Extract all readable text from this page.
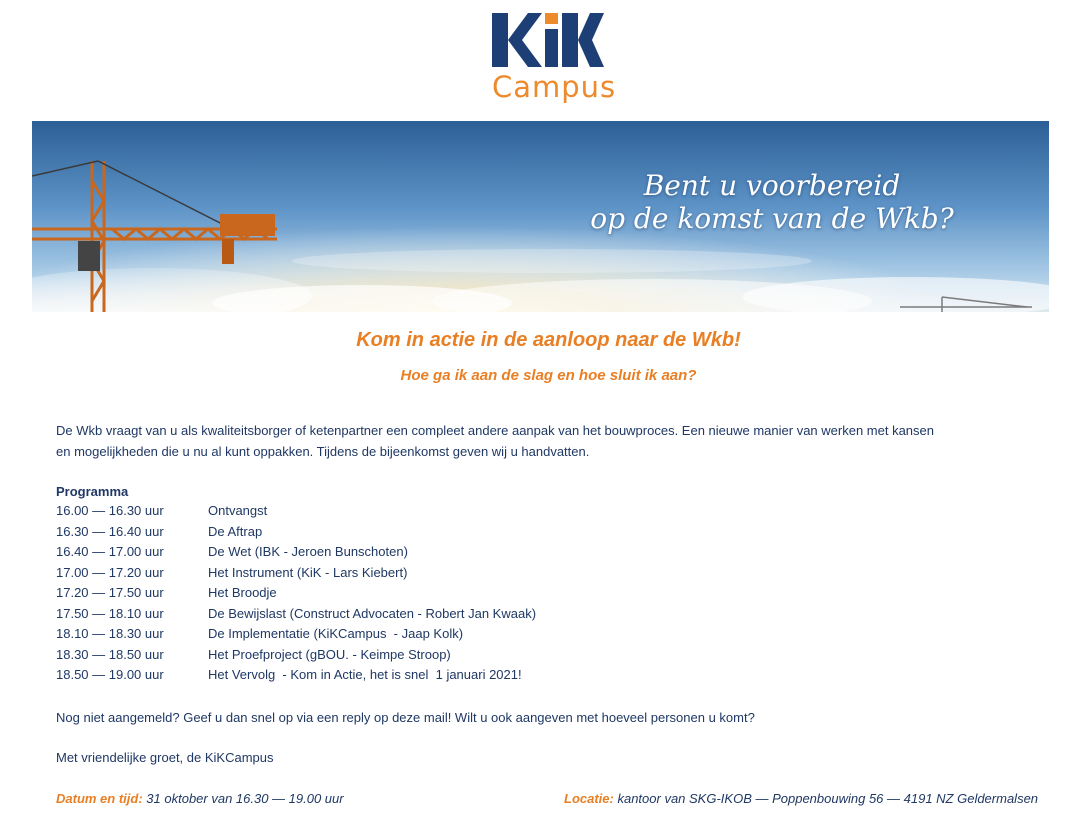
Campus
Bent u voorbereid
op de komst van de Wkb?
Kom in actie in de aanloop naar de Wkb!
Hoe ga ik aan de slag en hoe sluit ik aan?
De Wkb vraagt van u als kwaliteitsborger of ketenpartner een compleet andere aanpak van het bouwproces. Een nieuwe manier van werken met kansen
en mogelijkheden die u nu al kunt oppakken. Tijdens de bijeenkomst geven wij u handvatten.
Programma
16.00 — 16.30 uur	Ontvangst
16.30 — 16.40 uur	De Aftrap
16.40 — 17.00 uur	De Wet (IBK - Jeroen Bunschoten)
17.00 — 17.20 uur	Het Instrument (KiK - Lars Kiebert)
17.20 — 17.50 uur	Het Broodje
17.50 — 18.10 uur	De Bewijslast (Construct Advocaten - Robert Jan Kwaak)
18.10 — 18.30 uur	De Implementatie (KiKCampus  - Jaap Kolk)
18.30 — 18.50 uur	Het Proefproject (gBOU. - Keimpe Stroop)
18.50 — 19.00 uur	Het Vervolg  - Kom in Actie, het is snel  1 januari 2021!
Nog niet aangemeld? Geef u dan snel op via een reply op deze mail! Wilt u ook aangeven met hoeveel personen u komt?
Met vriendelijke groet, de KiKCampus
Datum en tijd: 31 oktober van 16.30 — 19.00 uur	Locatie: kantoor van SKG-IKOB — Poppenbouwing 56 — 4191 NZ Geldermalsen
